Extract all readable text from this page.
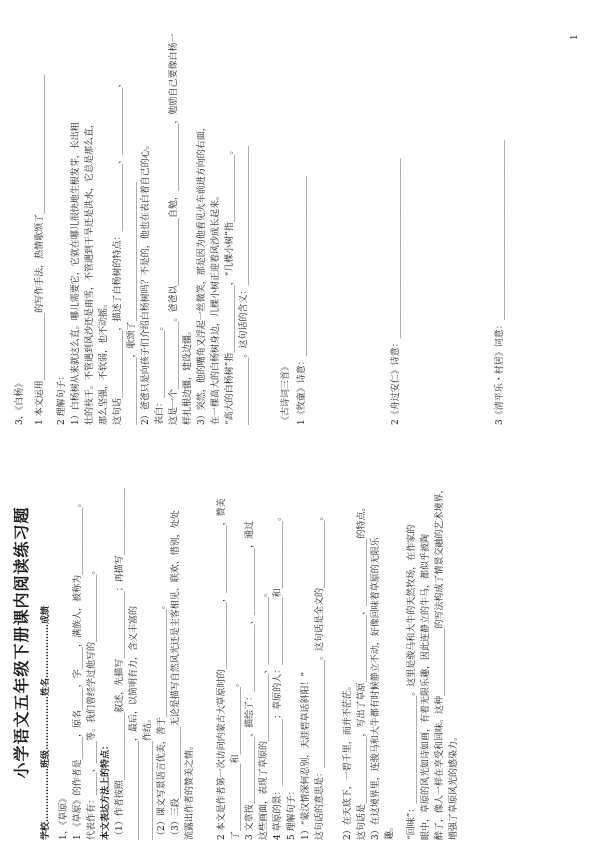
小学语文五年级下册课内阅读练习题
学校………………班级………………姓名………………成绩
1、《草原》 1 《草原》的作者是_____，原名_____，字_____，满族人，被称为_______________。 代表作有：_____、_____等。我们曾经学过他写的_______________。 本文表达方法上的特点： （1）作者按照_______________叙述，先描写_______________；再描写_______________ ______________________，最后，以简明有力，含义丰富的 ______________________作结。 （2）课文写景语言优美，善于________________________。 （3）三段________________无论是描写自然风光还是主客相见、联欢、惜别，处处 流露出作者的赞美之情。 2 本文是作者第一次访问内蒙古大草原时的_______________，_______________，赞美 了_______________和_______________。 3 文章按_______________、描绘了：_______________、_______________，通过 这些画面，表现了草原的_______________、_______________。 4 草原的景：_______________；草原的人：_______________和_______________。 5 理解句子： 1）“蒙汉情深何忍别，天涯碧草话斜阳！” 这句话的意思是：________________________。这句话是全文的_______________。 2）在天底下，一碧千里，而并不茫茫。 这句话是_______________，写出了草原_______________、_______________的特点。 3）在这境界里，连骏马和大牛都有时候静立不动，好像回味着草原的无限乐 趣。 “回味”：________________________。这里是骏马和大牛的天然牧场，在作家的 眼中，草原的风光如诗如画，有着无限乐趣，因此连静立的牛马，都似乎被陶 醉了，像人一样在享受和回味。这种_______________的写法构成了情景交融的艺术境界， 增强了草原风光的感染力。
3、《白杨》 1 本文运用_______________的写作手法，热情歌颂了_______________________________ 2 理解句子： 1）白杨树从来就这么直。哪儿需要它，它就在哪儿很快地生根发芽，长出粗 壮的枝干。不管遇到风沙还是雨雪，不管遇到干旱还是洪水，它总是那么直， 那么坚强，不软弱，也不动摇。 这句话_______________，描述了白杨树的特点：_______________、_______________、 _______________，歌颂了_______________________________ 2）爸爸只是向孩子们介绍白杨树吗？不是的，他也在表白着自己的心。 表白：_______________。 这是一个_______________。爸爸以_______________自勉，_______________，勉励自己要像白杨一 样扎根边疆，建设边疆。 3）突然，他的嘴角又浮起一丝微笑，那是因为他看见火车前进方向的右面， 在一棵高大的白杨树身边，几棵小树正迎着风沙成长起来。 “高大的白杨树”指_______________，“几棵小树”指_______________。 _______________。这句话的含义：_______________________________	《古诗词三首》 1《牧童》诗意：________________________________________	2《舟过安仁》诗意：________________________________________	3《清平乐・村居》词意：________________________________________
1
